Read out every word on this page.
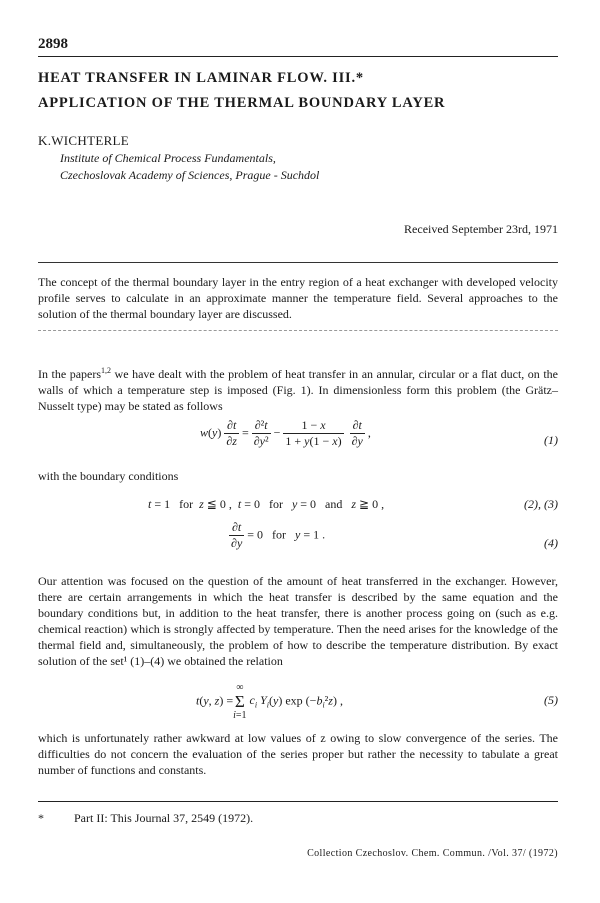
2898
HEAT TRANSFER IN LAMINAR FLOW. III.*
APPLICATION OF THE THERMAL BOUNDARY LAYER
K.WICHTERLE
Institute of Chemical Process Fundamentals,
Czechoslovak Academy of Sciences, Prague - Suchdol
Received September 23rd, 1971
The concept of the thermal boundary layer in the entry region of a heat exchanger with developed velocity profile serves to calculate in an approximate manner the temperature field. Several approaches to the solution of the thermal boundary layer are discussed.
In the papers$^{1,2}$ we have dealt with the problem of heat transfer in an annular, circular or a flat duct, on the walls of which a temperature step is imposed (Fig. 1). In dimensionless form this problem (the Grätz–Nusselt type) may be stated as follows
$w(y) \frac{\partial t}{\partial z} = \frac{\text{∂²t}}{\text{∂y²}} - \frac{1 - x}{1 + y(1 - x)} \frac{\partial t}{\partial y}$ ,
(1)
with the boundary conditions
t = 1   for  z ≦ 0 ,  t = 0   for   y = 0   and   z ≧ 0 ,	(2), (3)
$\frac{\partial t}{\partial y} = 0$   for   y = 1 .
(4)
Our attention was focused on the question of the amount of heat transferred in the exchanger. However, there are certain arrangements in which the heat transfer is described by the same equation and the boundary conditions but, in addition to the heat transfer, there is another process going on (such as e.g. chemical reaction) which is strongly affected by temperature. Then the need arises for the knowledge of the thermal field and, simultaneously, the problem of how to describe the temperature distribution. By exact solution of the set¹ (1)–(4) we obtained the relation
t(y, z) =
∞
Σ
i=1
$c_i$ $Y_i(y)$ $\exp (-b_i^2z)$ ,	(5)
which is unfortunately rather awkward at low values of z owing to slow convergence of the series. The difficulties do not concern the evaluation of the series proper but rather the necessity to tabulate a great number of functions and constants.
*	Part II: This Journal 37, 2549 (1972).
Collection Czechoslov. Chem. Commun. /Vol. 37/ (1972)
